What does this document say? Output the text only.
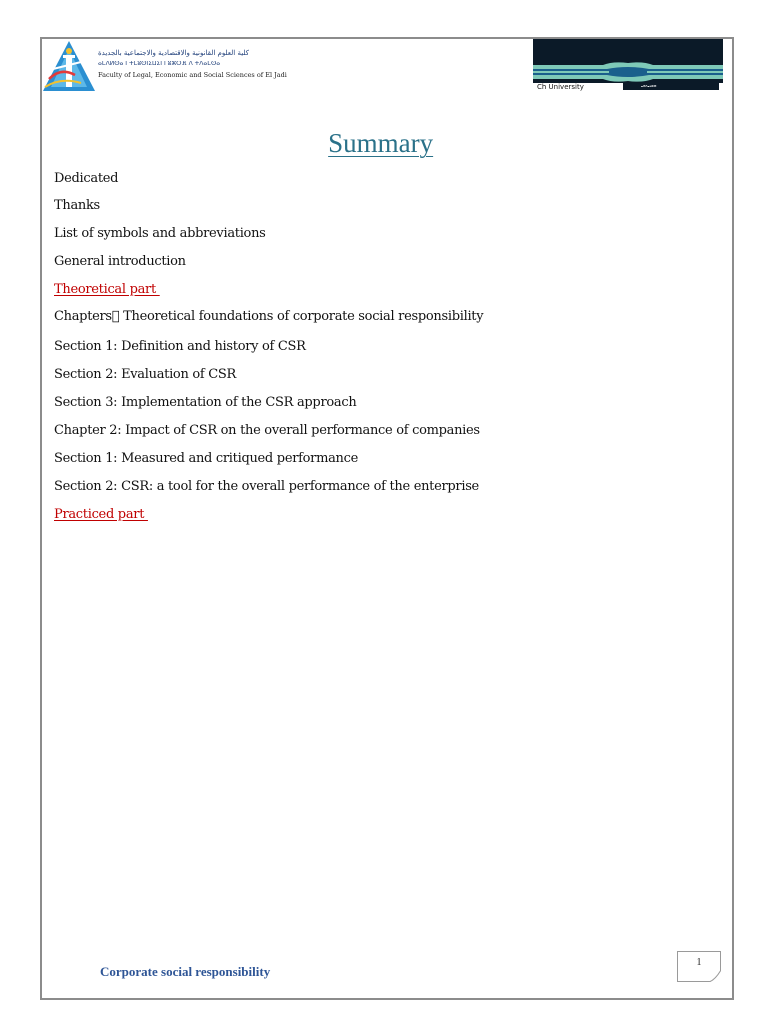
كلية العلوم القانونية والاقتصادية والاجتماعية بالجديدة
ⴰⵎⴷⵍⵙⴰ ⵏ ⵜⵎⵓⵙⵏⵉⵡⵉⵏ ⵏ ⵓⵣⵔⴼ ⴷ ⵜⴷⴰⵎⵙⴰ
Faculty of Legal, Economic and Social Sciences of El Jadi
Ch University	ⴰⵙⴷⴰⵡⵉⵙ
Summary
Dedicated
Thanks
List of symbols and abbreviations
General introduction
Theoretical part
Chapters Theoretical foundations of corporate social responsibility
Section 1: Definition and history of CSR
Section 2: Evaluation of CSR
Section 3: Implementation of the CSR approach
Chapter 2: Impact of CSR on the overall performance of companies
Section 1: Measured and critiqued performance
Section 2: CSR: a tool for the overall performance of the enterprise
Practiced part
Corporate social responsibility
1
